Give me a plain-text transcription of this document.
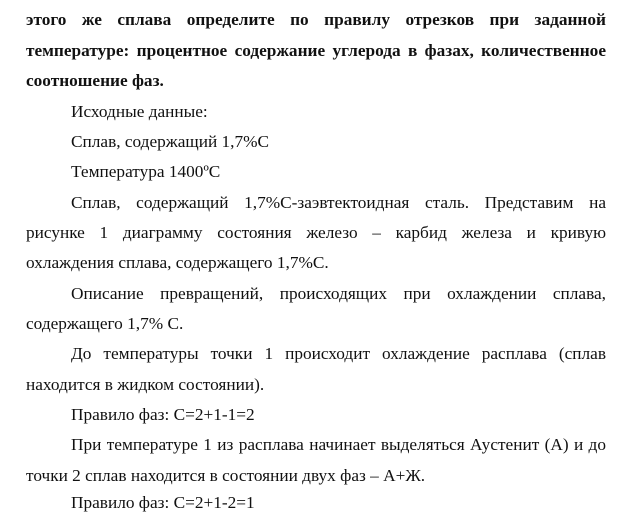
этого же сплава определите по правилу отрезков при заданной
температуре: процентное содержание углерода в фазах, количественное
соотношение фаз.
Исходные данные:
Сплав, содержащий 1,7%С
Температура 1400ºС
Сплав, содержащий 1,7%С-заэвтектоидная сталь. Представим на
рисунке 1 диаграмму состояния железо – карбид железа и кривую
охлаждения сплава, содержащего 1,7%С.
Описание превращений, происходящих при охлаждении сплава,
содержащего 1,7% С.
До температуры точки 1 происходит охлаждение расплава (сплав
находится в жидком состоянии).
Правило фаз: С=2+1-1=2
При температуре 1 из расплава начинает выделяться Аустенит (А) и до
точки 2 сплав находится в состоянии двух фаз – А+Ж.
Правило фаз: С=2+1-2=1
